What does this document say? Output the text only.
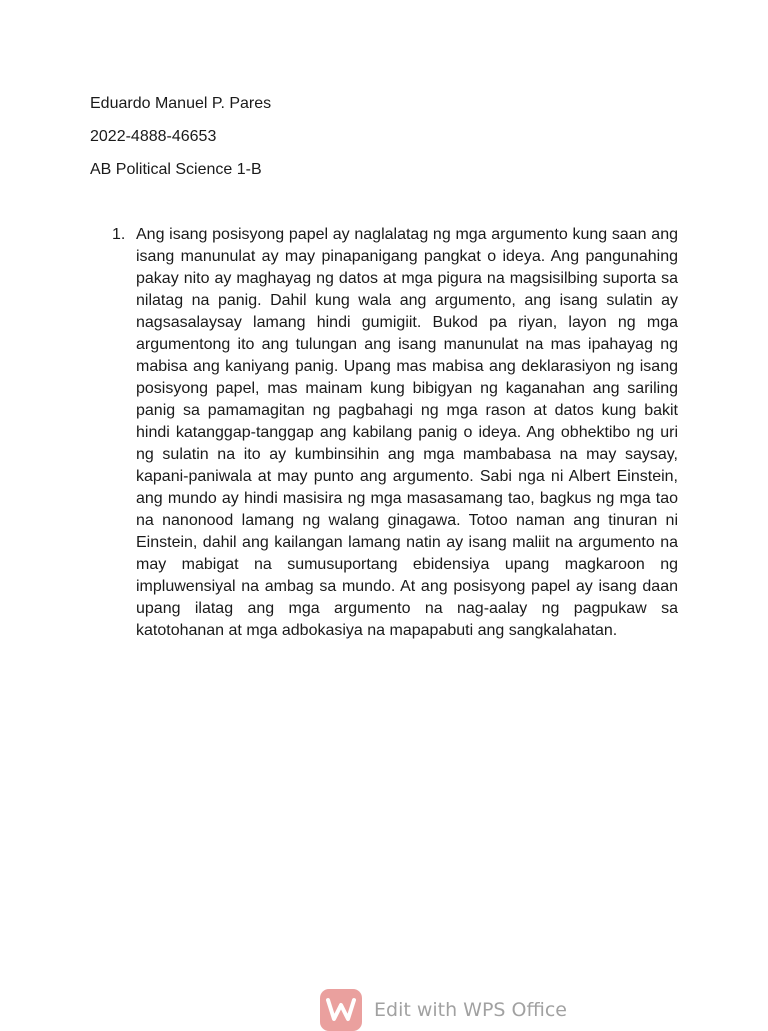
Eduardo Manuel P. Pares
2022-4888-46653
AB Political Science 1-B
1. Ang isang posisyong papel ay naglalatag ng mga argumento kung saan ang isang manunulat ay may pinapanigang pangkat o ideya. Ang pangunahing pakay nito ay maghayag ng datos at mga pigura na magsisilbing suporta sa nilatag na panig. Dahil kung wala ang argumento, ang isang sulatin ay nagsasalaysay lamang hindi gumigiit. Bukod pa riyan, layon ng mga argumentong ito ang tulungan ang isang manunulat na mas ipahayag ng mabisa ang kaniyang panig. Upang mas mabisa ang deklarasiyon ng isang posisyong papel, mas mainam kung bibigyan ng kaganahan ang sariling panig sa pamamagitan ng pagbahagi ng mga rason at datos kung bakit hindi katanggap-tanggap ang kabilang panig o ideya. Ang obhektibo ng uri ng sulatin na ito ay kumbinsihin ang mga mambabasa na may saysay, kapani-paniwala at may punto ang argumento. Sabi nga ni Albert Einstein, ang mundo ay hindi masisira ng mga masasamang tao, bagkus ng mga tao na nanonood lamang ng walang ginagawa. Totoo naman ang tinuran ni Einstein, dahil ang kailangan lamang natin ay isang maliit na argumento na may mabigat na sumusuportang ebidensiya upang magkaroon ng impluwensiyal na ambag sa mundo. At ang posisyong papel ay isang daan upang ilatag ang mga argumento na nag-aalay ng pagpukaw sa katotohanan at mga adbokasiya na mapapabuti ang sangkalahatan.

Edit with WPS Office
